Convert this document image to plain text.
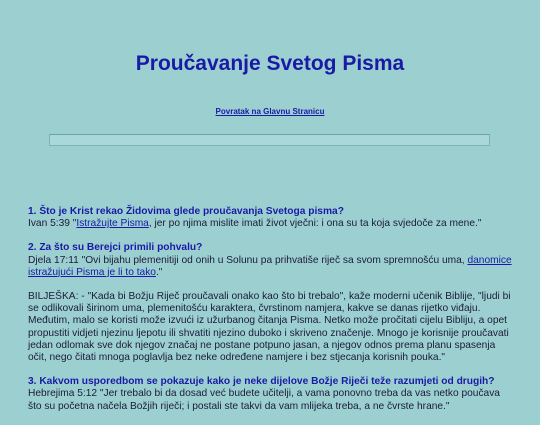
Proučavanje Svetog Pisma
Povratak na Glavnu Stranicu
1. Što je Krist rekao Židovima glede proučavanja Svetoga pisma?
Ivan 5:39 "Istražujte Pisma, jer po njima mislite imati život vječni: i ona su ta koja svjedoče za mene."
2. Za što su Berejci primili pohvalu?
Djela 17:11 "Ovi bijahu plemenitiji od onih u Solunu pa prihvatiše riječ sa svom spremnošću uma, danomice istražujući Pisma je li to tako."
BILJEŠKA: - "Kada bi Božju Riječ proučavali onako kao što bi trebalo", kaže moderni učenik Biblije, "ljudi bi se odlikovali širinom uma, plemenitošću karaktera, čvrstinom namjera, kakve se danas rijetko viđaju. Međutim, malo se koristi može izvući iz užurbanog čitanja Pisma. Netko može pročitati cijelu Bibliju, a opet propustiti vidjeti njezinu ljepotu ili shvatiti njezino duboko i skriveno značenje. Mnogo je korisnije proučavati jedan odlomak sve dok njegov značaj ne postane potpuno jasan, a njegov odnos prema planu spasenja očit, nego čitati mnoga poglavlja bez neke određene namjere i bez stjecanja korisnih pouka."
3. Kakvom usporedbom se pokazuje kako je neke dijelove Božje Riječi teže razumjeti od drugih?
Hebrejima 5:12 "Jer trebalo bi da dosad već budete učitelji, a vama ponovno treba da vas netko poučava što su početna načela Božjih riječi; i postali ste takvi da vam mlijeka treba, a ne čvrste hrane."
